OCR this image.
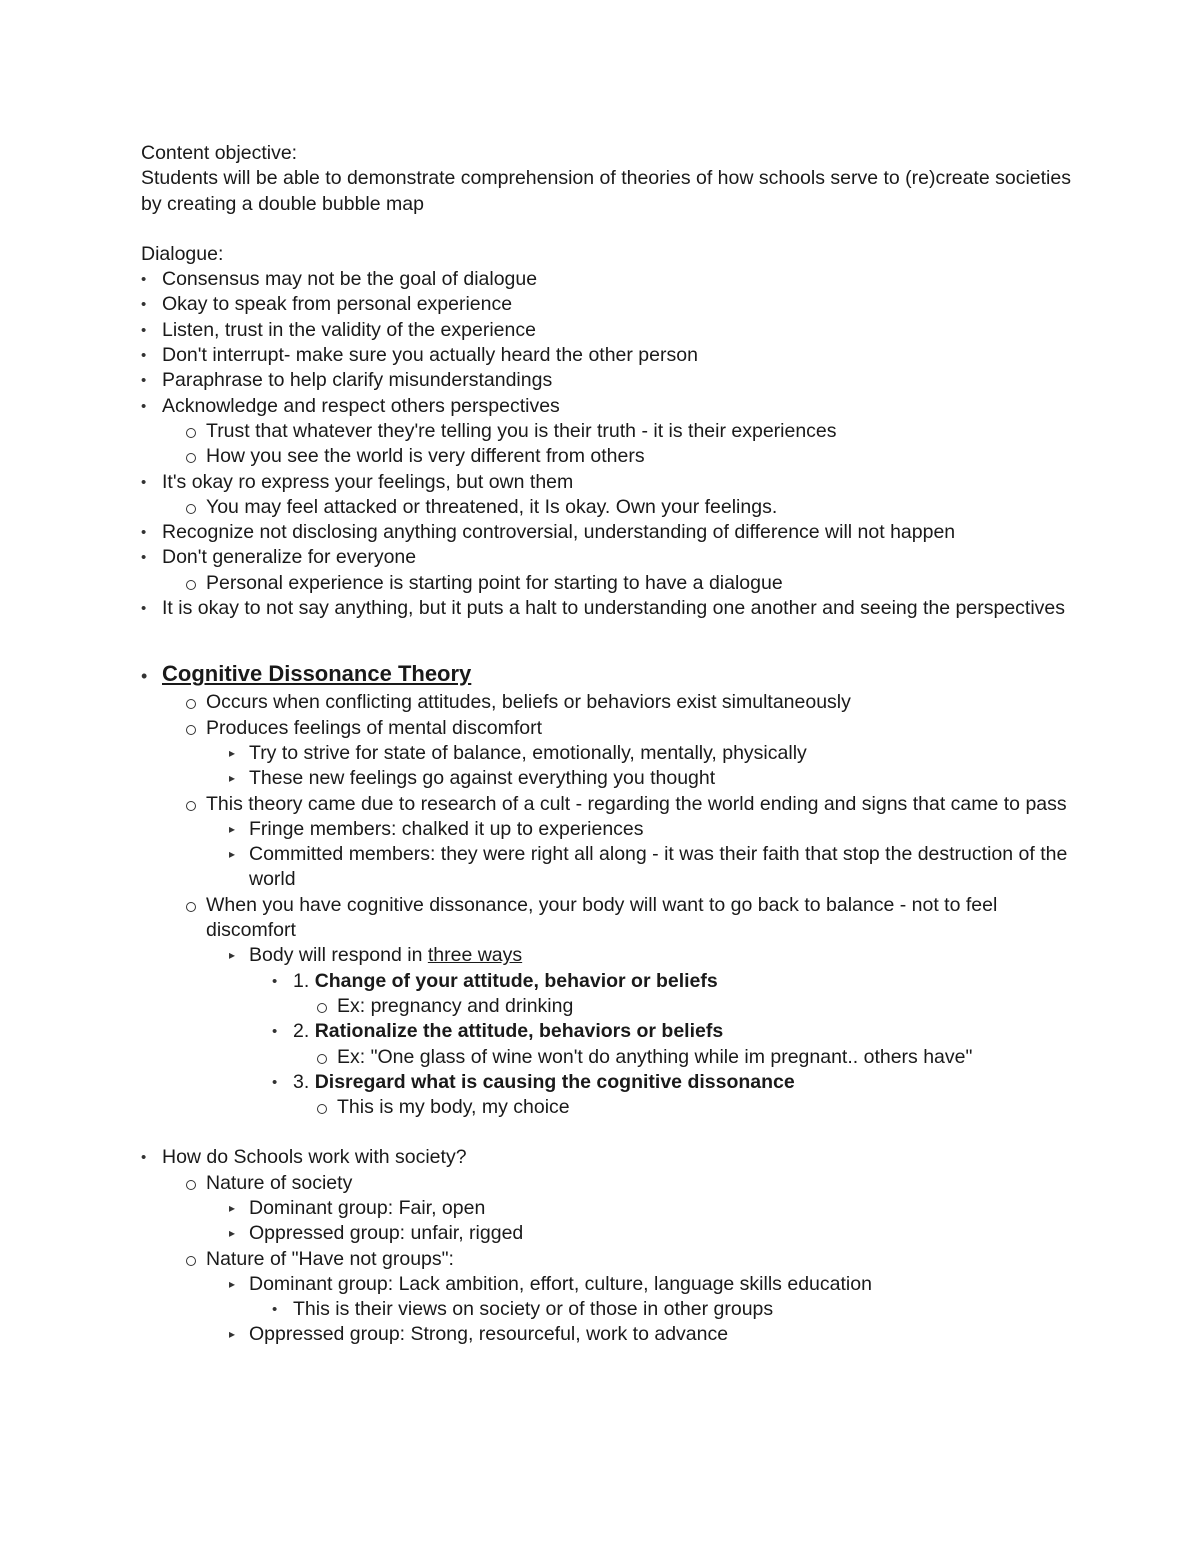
Content objective:

Students will be able to demonstrate comprehension of theories of how schools serve to (re)create societies by creating a double bubble map

Dialogue:

• Consensus may not be the goal of dialogue
• Okay to speak from personal experience
• Listen, trust in the validity of the experience
• Don't interrupt- make sure you actually heard the other person
• Paraphrase to help clarify misunderstandings
• Acknowledge and respect others perspectives
Trust that whatever they're telling you is their truth - it is their experiences
How you see the world is very different from others
• It's okay ro express your feelings, but own them
You may feel attacked or threatened, it Is okay. Own your feelings.
• Recognize not disclosing anything controversial, understanding of difference will not happen
• Don't generalize for everyone
Personal experience is starting point for starting to have a dialogue
• It is okay to not say anything, but it puts a halt to understanding one another and seeing the perspectives
• Cognitive Dissonance Theory
Occurs when conflicting attitudes, beliefs or behaviors exist simultaneously
Produces feelings of mental discomfort
▸ Try to strive for state of balance, emotionally, mentally, physically
▸ These new feelings go against everything you thought
This theory came due to research of a cult - regarding the world ending and signs that came to pass
▸ Fringe members: chalked it up to experiences
▸ Committed members: they were right all along - it was their faith that stop the destruction of the world
When you have cognitive dissonance, your body will want to go back to balance - not to feel discomfort
▸ Body will respond in three ways
• 1. Change of your attitude, behavior or beliefs
Ex: pregnancy and drinking
• 2. Rationalize the attitude, behaviors or beliefs
Ex: "One glass of wine won't do anything while im pregnant.. others have"
• 3. Disregard what is causing the cognitive dissonance
This is my body, my choice
• How do Schools work with society?
Nature of society
▸ Dominant group: Fair, open
▸ Oppressed group: unfair, rigged
Nature of "Have not groups":
▸ Dominant group: Lack ambition, effort, culture, language skills education
• This is their views on society or of those in other groups
▸ Oppressed group: Strong, resourceful, work to advance
